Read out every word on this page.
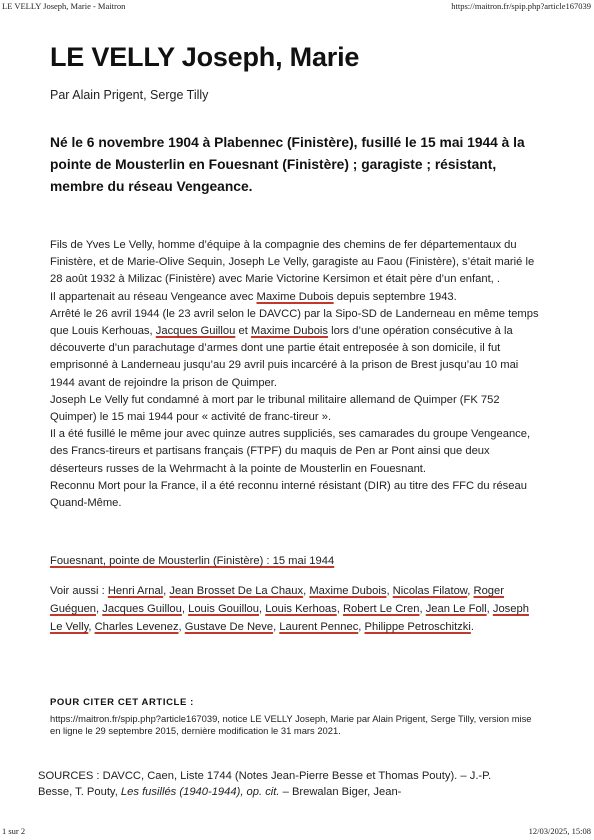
LE VELLY Joseph, Marie - Maitron	https://maitron.fr/spip.php?article167039
LE VELLY Joseph, Marie
Par Alain Prigent, Serge Tilly
Né le 6 novembre 1904 à Plabennec (Finistère), fusillé le 15 mai 1944 à la pointe de Mousterlin en Fouesnant (Finistère) ; garagiste ; résistant, membre du réseau Vengeance.
Fils de Yves Le Velly, homme d’équipe à la compagnie des chemins de fer départementaux du Finistère, et de Marie-Olive Sequin, Joseph Le Velly, garagiste au Faou (Finistère), s’était marié le 28 août 1932 à Milizac (Finistère) avec Marie Victorine Kersimon et était père d’un enfant, .
Il appartenait au réseau Vengeance avec Maxime Dubois depuis septembre 1943.
Arrêté le 26 avril 1944 (le 23 avril selon le DAVCC) par la Sipo-SD de Landerneau en même temps que Louis Kerhouas, Jacques Guillou et Maxime Dubois lors d’une opération consécutive à la découverte d’un parachutage d’armes dont une partie était entreposée à son domicile, il fut emprisonné à Landerneau jusqu’au 29 avril puis incarcéré à la prison de Brest jusqu’au 10 mai 1944 avant de rejoindre la prison de Quimper.
Joseph Le Velly fut condamné à mort par le tribunal militaire allemand de Quimper (FK 752 Quimper) le 15 mai 1944 pour « activité de franc-tireur ».
Il a été fusillé le même jour avec quinze autres suppliciés, ses camarades du groupe Vengeance, des Francs-tireurs et partisans français (FTPF) du maquis de Pen ar Pont ainsi que deux déserteurs russes de la Wehrmacht à la pointe de Mousterlin en Fouesnant.
Reconnu Mort pour la France, il a été reconnu interné résistant (DIR) au titre des FFC du réseau Quand-Même.
Fouesnant, pointe de Mousterlin (Finistère) : 15 mai 1944
Voir aussi : Henri Arnal, Jean Brosset De La Chaux, Maxime Dubois, Nicolas Filatow, Roger Guéguen, Jacques Guillou, Louis Gouillou, Louis Kerhoas, Robert Le Cren, Jean Le Foll, Joseph Le Velly, Charles Levenez, Gustave De Neve, Laurent Pennec, Philippe Petroschitzki.
POUR CITER CET ARTICLE :
https://maitron.fr/spip.php?article167039, notice LE VELLY Joseph, Marie par Alain Prigent, Serge Tilly, version mise en ligne le 29 septembre 2015, dernière modification le 31 mars 2021.
SOURCES : DAVCC, Caen, Liste 1744 (Notes Jean-Pierre Besse et Thomas Pouty). – J.-P. Besse, T. Pouty, Les fusillés (1940-1944), op. cit. – Brewalan Biger, Jean-
1 sur 2	12/03/2025, 15:08
